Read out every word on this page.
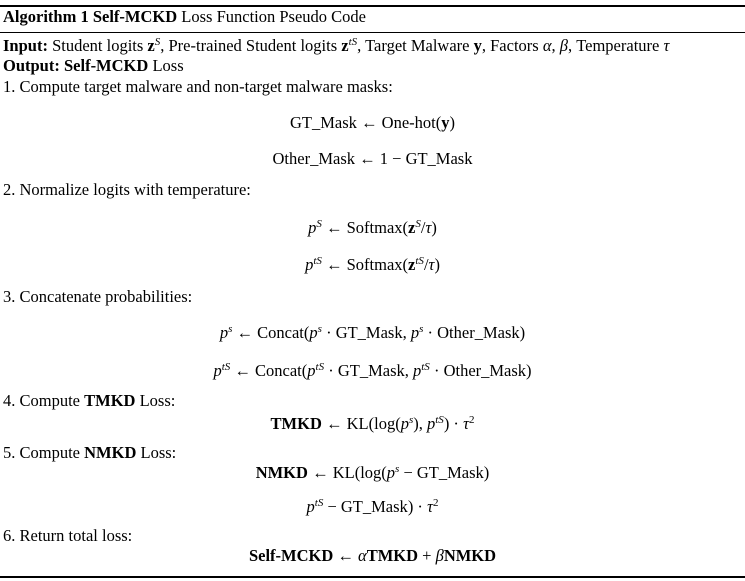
Algorithm 1 Self-MCKD Loss Function Pseudo Code
Input: Student logits $z^S$, Pre-trained Student logits $z^{tS}$, Target Malware y, Factors α, β, Temperature τ
Output: Self-MCKD Loss
1. Compute target malware and non-target malware masks:
GT_Mask ← One-hot(y)
Other_Mask ← 1 − GT_Mask
2. Normalize logits with temperature:
$p^S$ ← $Softmax(z^S/\tau)$
$p^{tS}$ ← $Softmax(z^{tS}/\tau)$
3. Concatenate probabilities:
$p^s$ ← $Concat(p^s$ · GT_Mask, $p^s$ · Other_Mask)
$p^{tS}$ ← $Concat(p^{tS}$ · GT_Mask, $p^{tS}$ · Other_Mask)
4. Compute TMKD Loss:
TMKD ← $KL(\log(p^s)$, $p^{tS}) \cdot \tau^2$
5. Compute NMKD Loss:
NMKD ← $KL(\log(p^s$ − GT_Mask)
$p^{tS}$ − GT_Mask) · $\tau^2$
6. Return total loss:
Self-MCKD ← αTMKD + βNMKD
